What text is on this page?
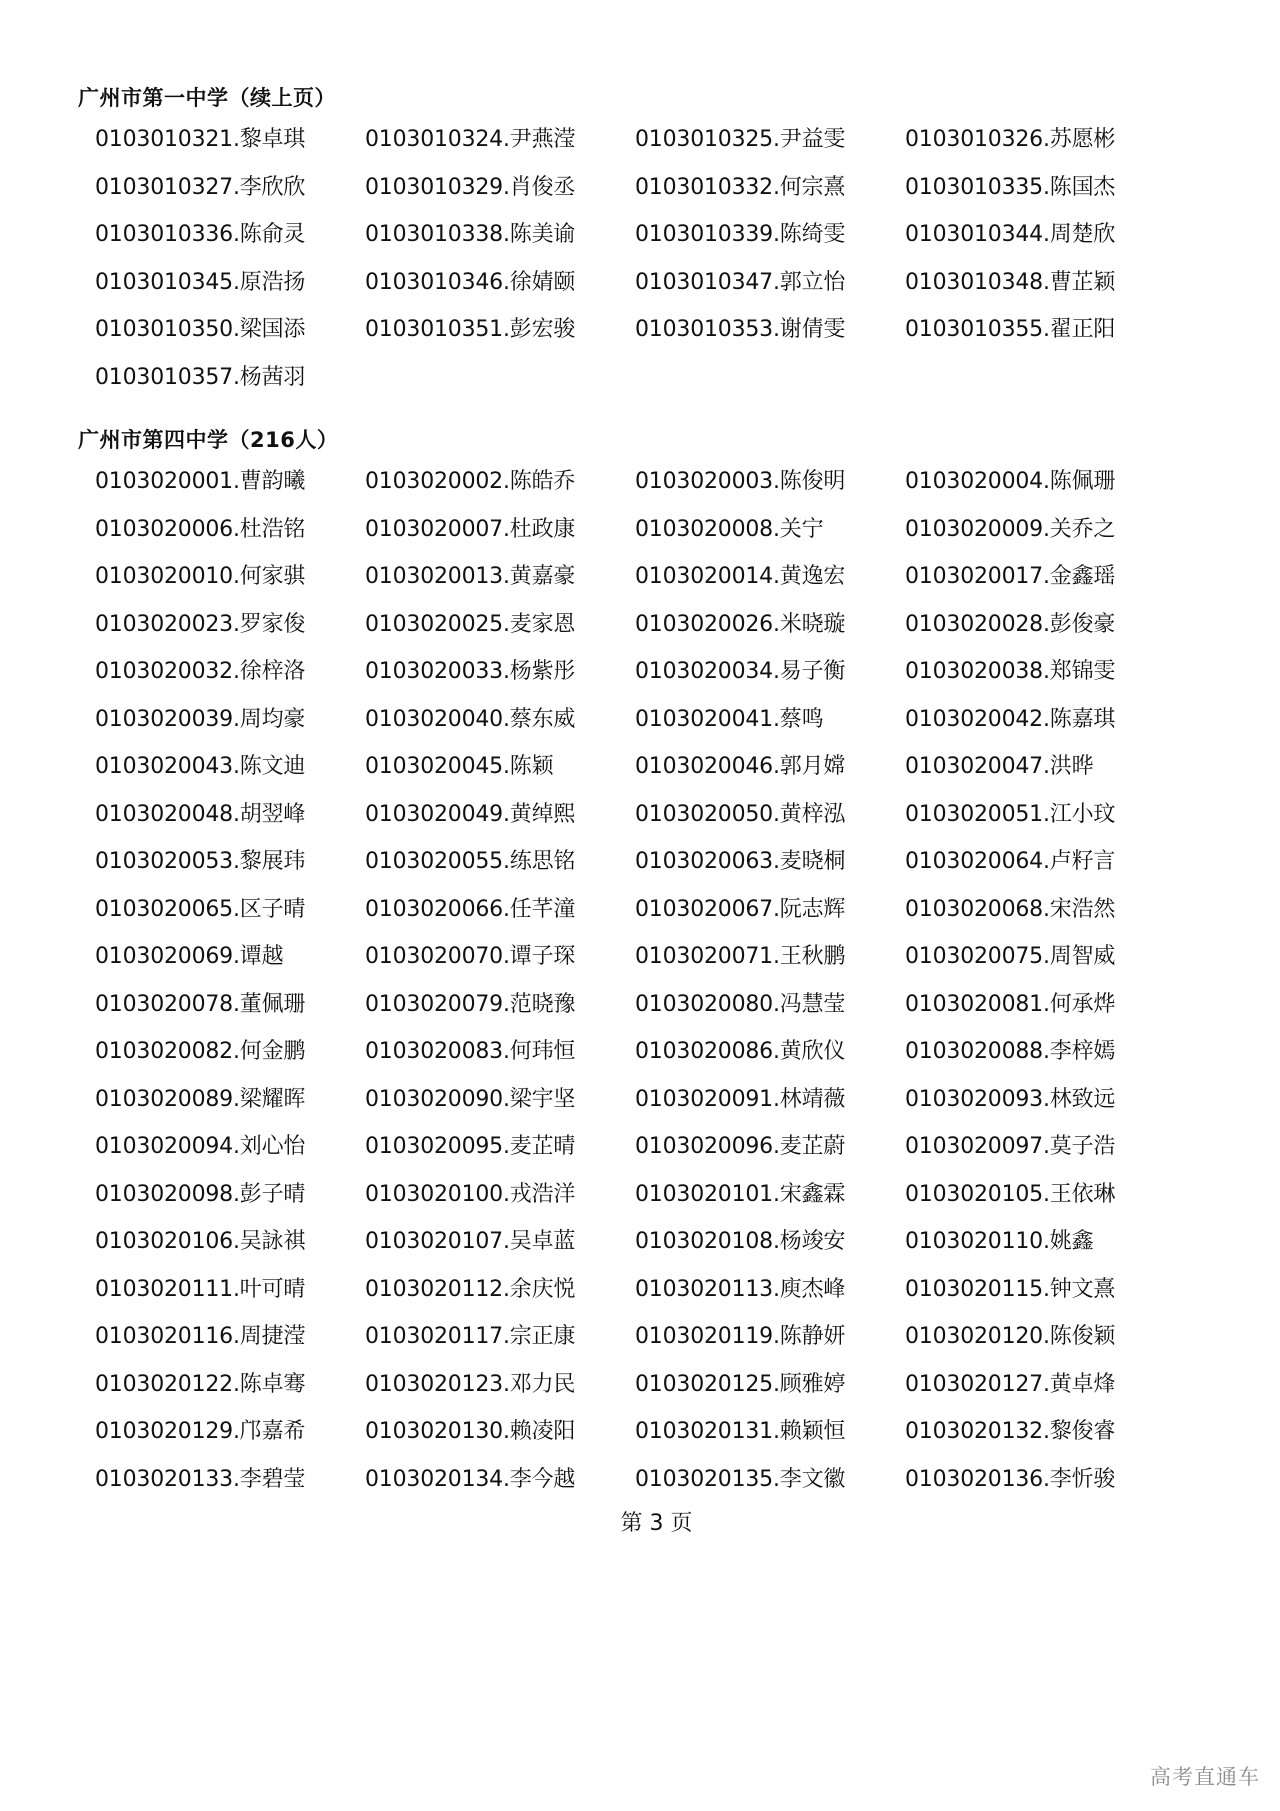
广州市第一中学（续上页）
0103010321.黎卓琪	0103010324.尹燕滢	0103010325.尹益雯	0103010326.苏愿彬
0103010327.李欣欣	0103010329.肖俊丞	0103010332.何宗熹	0103010335.陈国杰
0103010336.陈俞灵	0103010338.陈美谕	0103010339.陈绮雯	0103010344.周楚欣
0103010345.原浩扬	0103010346.徐婧颐	0103010347.郭立怡	0103010348.曹芷颖
0103010350.梁国添	0103010351.彭宏骏	0103010353.谢倩雯	0103010355.翟正阳
0103010357.杨茜羽
广州市第四中学（216人）
0103020001.曹韵曦	0103020002.陈皓乔	0103020003.陈俊明	0103020004.陈佩珊
0103020006.杜浩铭	0103020007.杜政康	0103020008.关宁	0103020009.关乔之
0103020010.何家骐	0103020013.黄嘉豪	0103020014.黄逸宏	0103020017.金鑫瑶
0103020023.罗家俊	0103020025.麦家恩	0103020026.米晓璇	0103020028.彭俊豪
0103020032.徐梓洛	0103020033.杨紫彤	0103020034.易子衡	0103020038.郑锦雯
0103020039.周均豪	0103020040.蔡东威	0103020041.蔡鸣	0103020042.陈嘉琪
0103020043.陈文迪	0103020045.陈颖	0103020046.郭月嫦	0103020047.洪晔
0103020048.胡翌峰	0103020049.黄绰熙	0103020050.黄梓泓	0103020051.江小玟
0103020053.黎展玮	0103020055.练思铭	0103020063.麦晓桐	0103020064.卢籽言
0103020065.区子晴	0103020066.任芊潼	0103020067.阮志辉	0103020068.宋浩然
0103020069.谭越	0103020070.谭子琛	0103020071.王秋鹏	0103020075.周智威
0103020078.董佩珊	0103020079.范晓豫	0103020080.冯慧莹	0103020081.何承烨
0103020082.何金鹏	0103020083.何玮恒	0103020086.黄欣仪	0103020088.李梓嫣
0103020089.梁耀晖	0103020090.梁宇坚	0103020091.林靖薇	0103020093.林致远
0103020094.刘心怡	0103020095.麦芷晴	0103020096.麦芷蔚	0103020097.莫子浩
0103020098.彭子晴	0103020100.戎浩洋	0103020101.宋鑫霖	0103020105.王依琳
0103020106.吴詠祺	0103020107.吴卓蓝	0103020108.杨竣安	0103020110.姚鑫
0103020111.叶可晴	0103020112.余庆悦	0103020113.庾杰峰	0103020115.钟文熹
0103020116.周捷滢	0103020117.宗正康	0103020119.陈静妍	0103020120.陈俊颖
0103020122.陈卓骞	0103020123.邓力民	0103020125.顾雅婷	0103020127.黄卓烽
0103020129.邝嘉希	0103020130.赖凌阳	0103020131.赖颖恒	0103020132.黎俊睿
0103020133.李碧莹	0103020134.李今越	0103020135.李文徽	0103020136.李忻骏
第 3 页
高考直通车
